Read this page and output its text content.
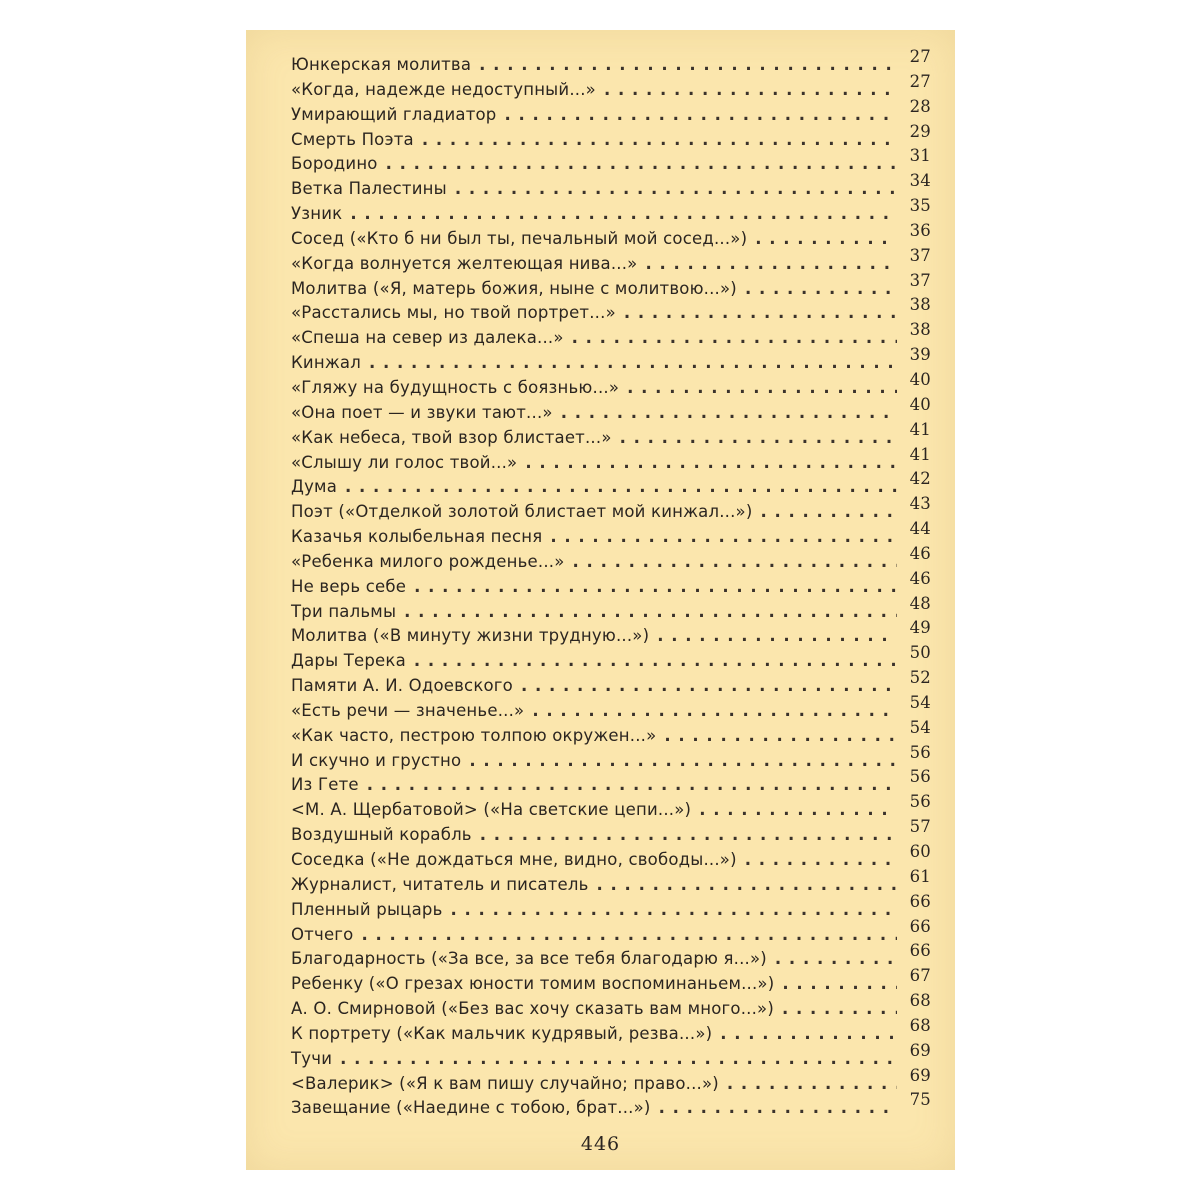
Юнкерская молитва . . .	27
«Когда, надежде недоступный...» . . .	27
Умирающий гладиатор . . .	28
Смерть Поэта . . .	29
Бородино . . .	31
Ветка Палестины . . .	34
Узник . . .	35
Сосед («Кто б ни был ты, печальный мой сосед...») . . .	36
«Когда волнуется желтеющая нива...» . . .	37
Молитва («Я, матерь божия, ныне с молитвою...») . . .	37
«Расстались мы, но твой портрет...» . . .	38
«Спеша на север из далека...» . . .	38
Кинжал . . .	39
«Гляжу на будущность с боязнью...» . . .	40
«Она поет — и звуки тают...» . . .	40
«Как небеса, твой взор блистает...» . . .	41
«Слышу ли голос твой...» . . .	41
Дума . . .	42
Поэт («Отделкой золотой блистает мой кинжал...») . . .	43
Казачья колыбельная песня . . .	44
«Ребенка милого рожденье...» . . .	46
Не верь себе . . .	46
Три пальмы . . .	48
Молитва («В минуту жизни трудную...») . . .	49
Дары Терека . . .	50
Памяти А. И. Одоевского . . .	52
«Есть речи — значенье...» . . .	54
«Как часто, пестрою толпою окружен...» . . .	54
И скучно и грустно . . .	56
Из Гете . . .	56
<М. А. Щербатовой> («На светские цепи...») . . .	56
Воздушный корабль . . .	57
Соседка («Не дождаться мне, видно, свободы...») . . .	60
Журналист, читатель и писатель . . .	61
Пленный рыцарь . . .	66
Отчего . . .	66
Благодарность («За все, за все тебя благодарю я...») . . .	66
Ребенку («О грезах юности томим воспоминаньем...») . . .	67
А. О. Смирновой («Без вас хочу сказать вам много...») . . .	68
К портрету («Как мальчик кудрявый, резва...») . . .	68
Тучи . . .	69
<Валерик> («Я к вам пишу случайно; право...») . . .	69
Завещание («Наедине с тобою, брат...») . . .	75
446
